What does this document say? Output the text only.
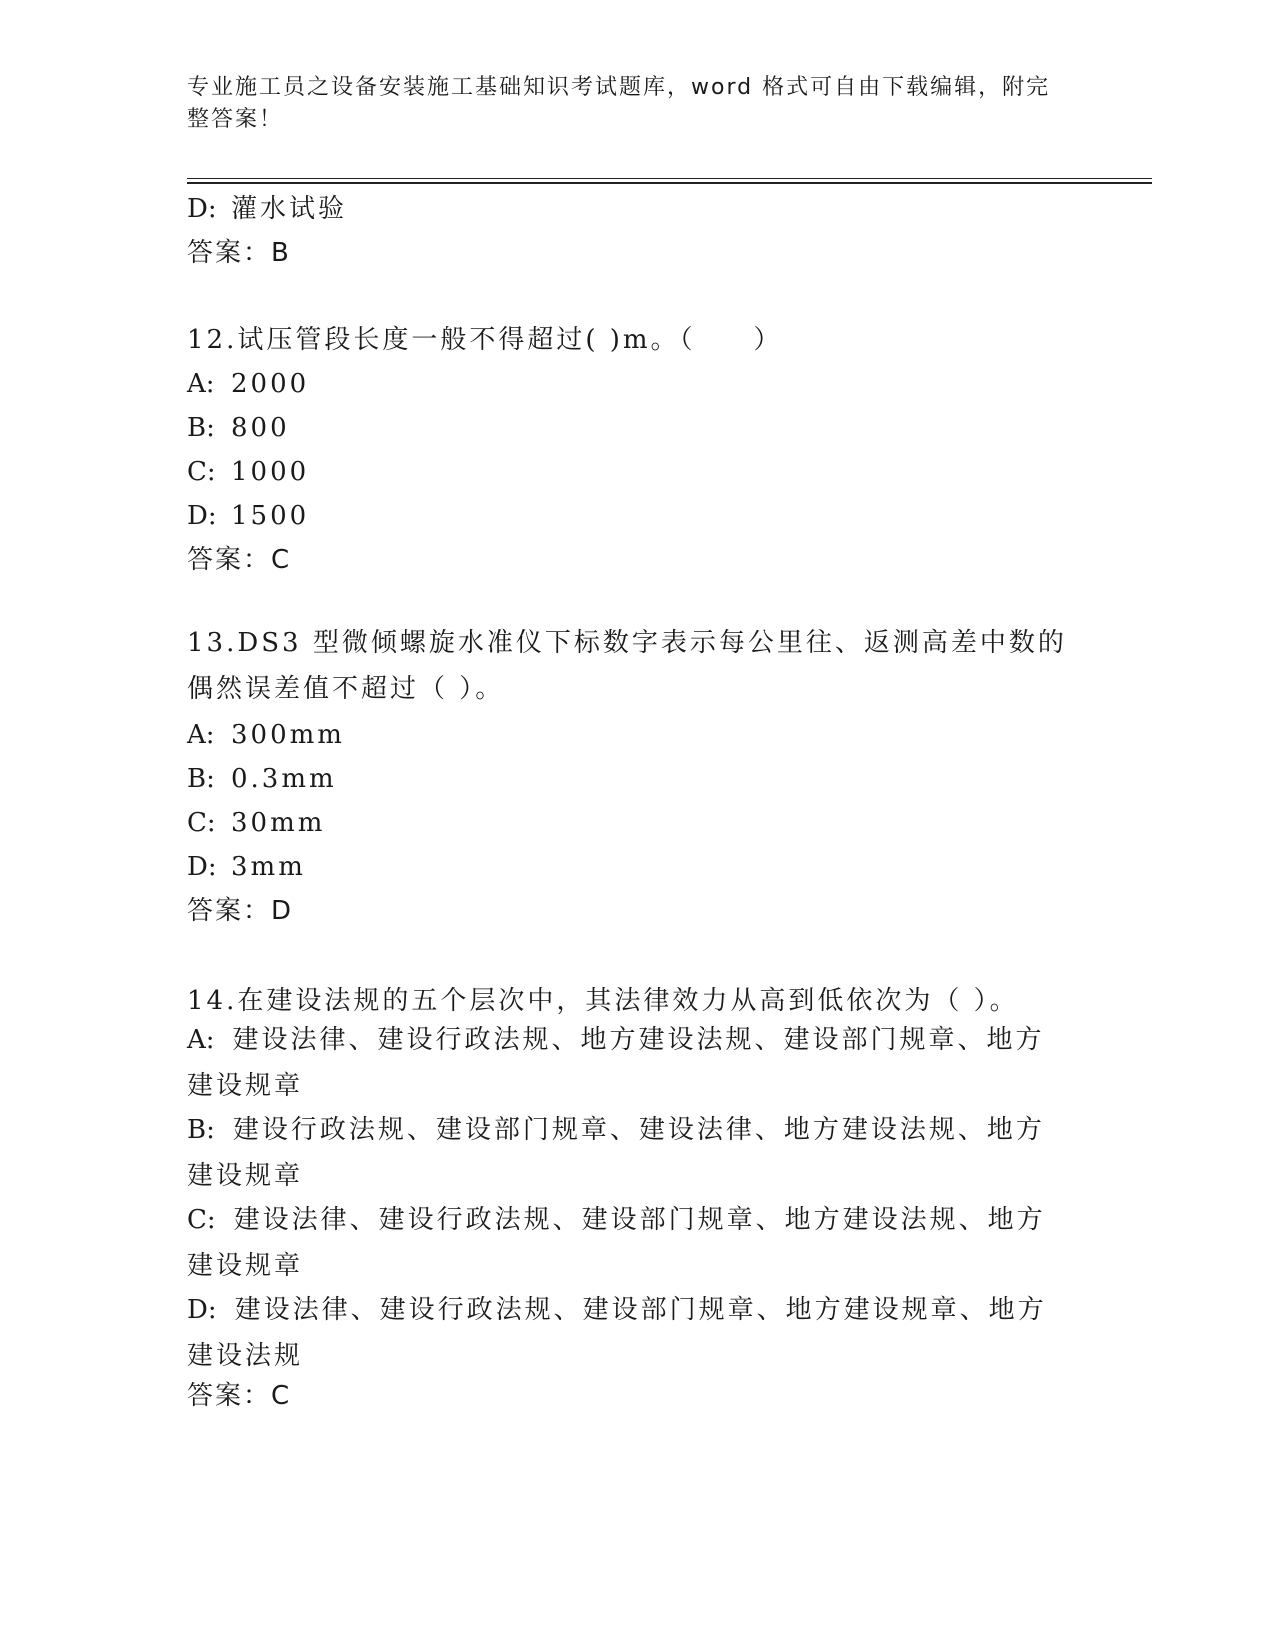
专业施工员之设备安装施工基础知识考试题库，word 格式可自由下载编辑，附完整答案！
D: 灌水试验
答案：B
12.试压管段长度一般不得超过( )m。（　　）
A: 2000
B: 800
C: 1000
D: 1500
答案：C
13.DS3 型微倾螺旋水准仪下标数字表示每公里往、返测高差中数的偶然误差值不超过（ ）。
A: 300mm
B: 0.3mm
C: 30mm
D: 3mm
答案：D
14.在建设法规的五个层次中，其法律效力从高到低依次为（ ）。
A: 建设法律、建设行政法规、地方建设法规、建设部门规章、地方建设规章
B: 建设行政法规、建设部门规章、建设法律、地方建设法规、地方建设规章
C: 建设法律、建设行政法规、建设部门规章、地方建设法规、地方建设规章
D: 建设法律、建设行政法规、建设部门规章、地方建设规章、地方建设法规
答案：C
